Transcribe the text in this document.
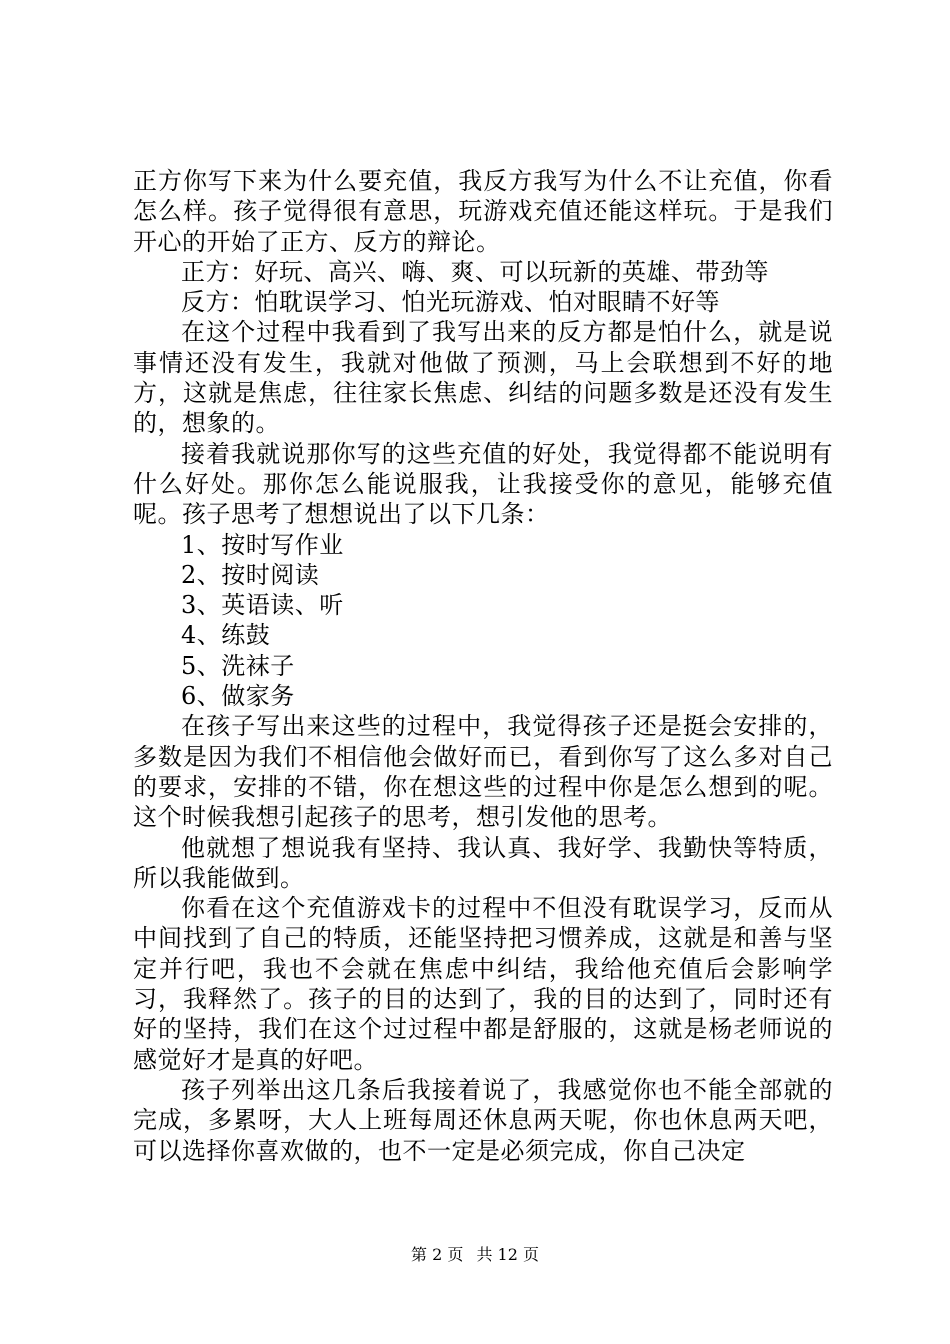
正方你写下来为什么要充值，我反方我写为什么不让充值，你看怎么样。孩子觉得很有意思，玩游戏充值还能这样玩。于是我们开心的开始了正方、反方的辩论。

正方：好玩、高兴、嗨、爽、可以玩新的英雄、带劲等

反方：怕耽误学习、怕光玩游戏、怕对眼睛不好等

在这个过程中我看到了我写出来的反方都是怕什么，就是说事情还没有发生，我就对他做了预测，马上会联想到不好的地方，这就是焦虑，往往家长焦虑、纠结的问题多数是还没有发生的，想象的。

接着我就说那你写的这些充值的好处，我觉得都不能说明有什么好处。那你怎么能说服我，让我接受你的意见，能够充值呢。孩子思考了想想说出了以下几条：

1、按时写作业

2、按时阅读

3、英语读、听

4、练鼓

5、洗袜子

6、做家务

在孩子写出来这些的过程中，我觉得孩子还是挺会安排的，多数是因为我们不相信他会做好而已，看到你写了这么多对自己的要求，安排的不错，你在想这些的过程中你是怎么想到的呢。这个时候我想引起孩子的思考，想引发他的思考。

他就想了想说我有坚持、我认真、我好学、我勤快等特质，所以我能做到。

你看在这个充值游戏卡的过程中不但没有耽误学习，反而从中间找到了自己的特质，还能坚持把习惯养成，这就是和善与坚定并行吧，我也不会就在焦虑中纠结，我给他充值后会影响学习，我释然了。孩子的目的达到了，我的目的达到了，同时还有好的坚持，我们在这个过过程中都是舒服的，这就是杨老师说的感觉好才是真的好吧。

孩子列举出这几条后我接着说了，我感觉你也不能全部就的完成，多累呀，大人上班每周还休息两天呢，你也休息两天吧，可以选择你喜欢做的，也不一定是必须完成，你自己决定

第 2 页 共 12 页
